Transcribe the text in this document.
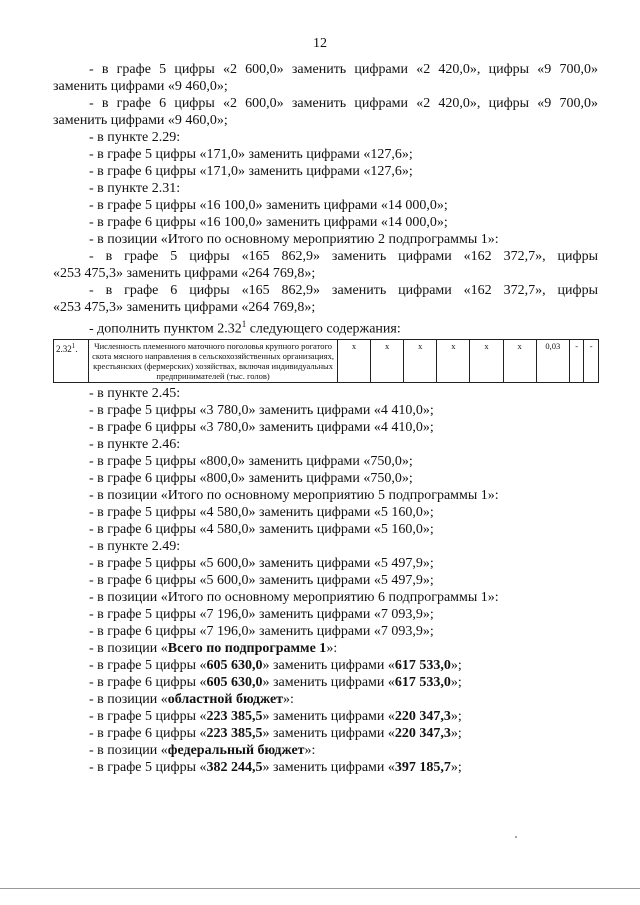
12
- в графе 5 цифры «2 600,0» заменить цифрами «2 420,0», цифры «9 700,0»
заменить цифрами «9 460,0»;
- в графе 6 цифры «2 600,0» заменить цифрами «2 420,0», цифры «9 700,0»
заменить цифрами «9 460,0»;
- в пункте 2.29:
- в графе 5 цифры «171,0» заменить цифрами «127,6»;
- в графе 6 цифры «171,0» заменить цифрами «127,6»;
- в пункте 2.31:
- в графе 5 цифры «16 100,0» заменить цифрами «14 000,0»;
- в графе 6 цифры «16 100,0» заменить цифрами «14 000,0»;
- в позиции «Итого по основному мероприятию 2 подпрограммы 1»:
- в графе 5 цифры «165 862,9» заменить цифрами «162 372,7», цифры
«253 475,3» заменить цифрами «264 769,8»;
- в графе 6 цифры «165 862,9» заменить цифрами «162 372,7», цифры
«253 475,3» заменить цифрами «264 769,8»;
- дополнить пунктом 2.32$^1$ следующего содержания:
2.32$^1$.	Численность племенного маточного поголовья крупного рогатого скота мясного направления в сельскохозяйственных организациях, крестьянских (фермерских) хозяйствах, включая индивидуальных предпринимателей (тыс. голов)	х	х	х	х	х	х	0,03	-	-
- в пункте 2.45:
- в графе 5 цифры «3 780,0» заменить цифрами «4 410,0»;
- в графе 6 цифры «3 780,0» заменить цифрами «4 410,0»;
- в пункте 2.46:
- в графе 5 цифры «800,0» заменить цифрами «750,0»;
- в графе 6 цифры «800,0» заменить цифрами «750,0»;
- в позиции «Итого по основному мероприятию 5 подпрограммы 1»:
- в графе 5 цифры «4 580,0» заменить цифрами «5 160,0»;
- в графе 6 цифры «4 580,0» заменить цифрами «5 160,0»;
- в пункте 2.49:
- в графе 5 цифры «5 600,0» заменить цифрами «5 497,9»;
- в графе 6 цифры «5 600,0» заменить цифрами «5 497,9»;
- в позиции «Итого по основному мероприятию 6 подпрограммы 1»:
- в графе 5 цифры «7 196,0» заменить цифрами «7 093,9»;
- в графе 6 цифры «7 196,0» заменить цифрами «7 093,9»;
- в позиции «Всего по подпрограмме 1»:
- в графе 5 цифры «605 630,0» заменить цифрами «617 533,0»;
- в графе 6 цифры «605 630,0» заменить цифрами «617 533,0»;
- в позиции «областной бюджет»:
- в графе 5 цифры «223 385,5» заменить цифрами «220 347,3»;
- в графе 6 цифры «223 385,5» заменить цифрами «220 347,3»;
- в позиции «федеральный бюджет»:
- в графе 5 цифры «382 244,5» заменить цифрами «397 185,7»;
